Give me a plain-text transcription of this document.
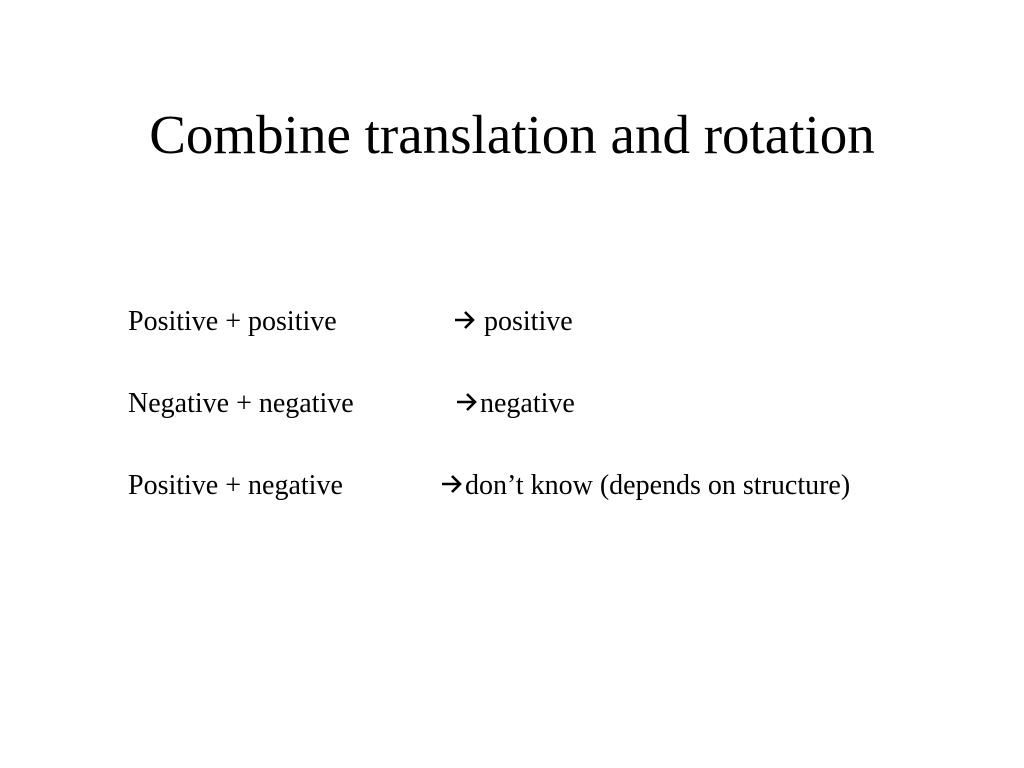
Combine translation and rotation
Positive + positive	positive
Negative + negative	negative
Positive + negative	don’t know (depends on structure)
